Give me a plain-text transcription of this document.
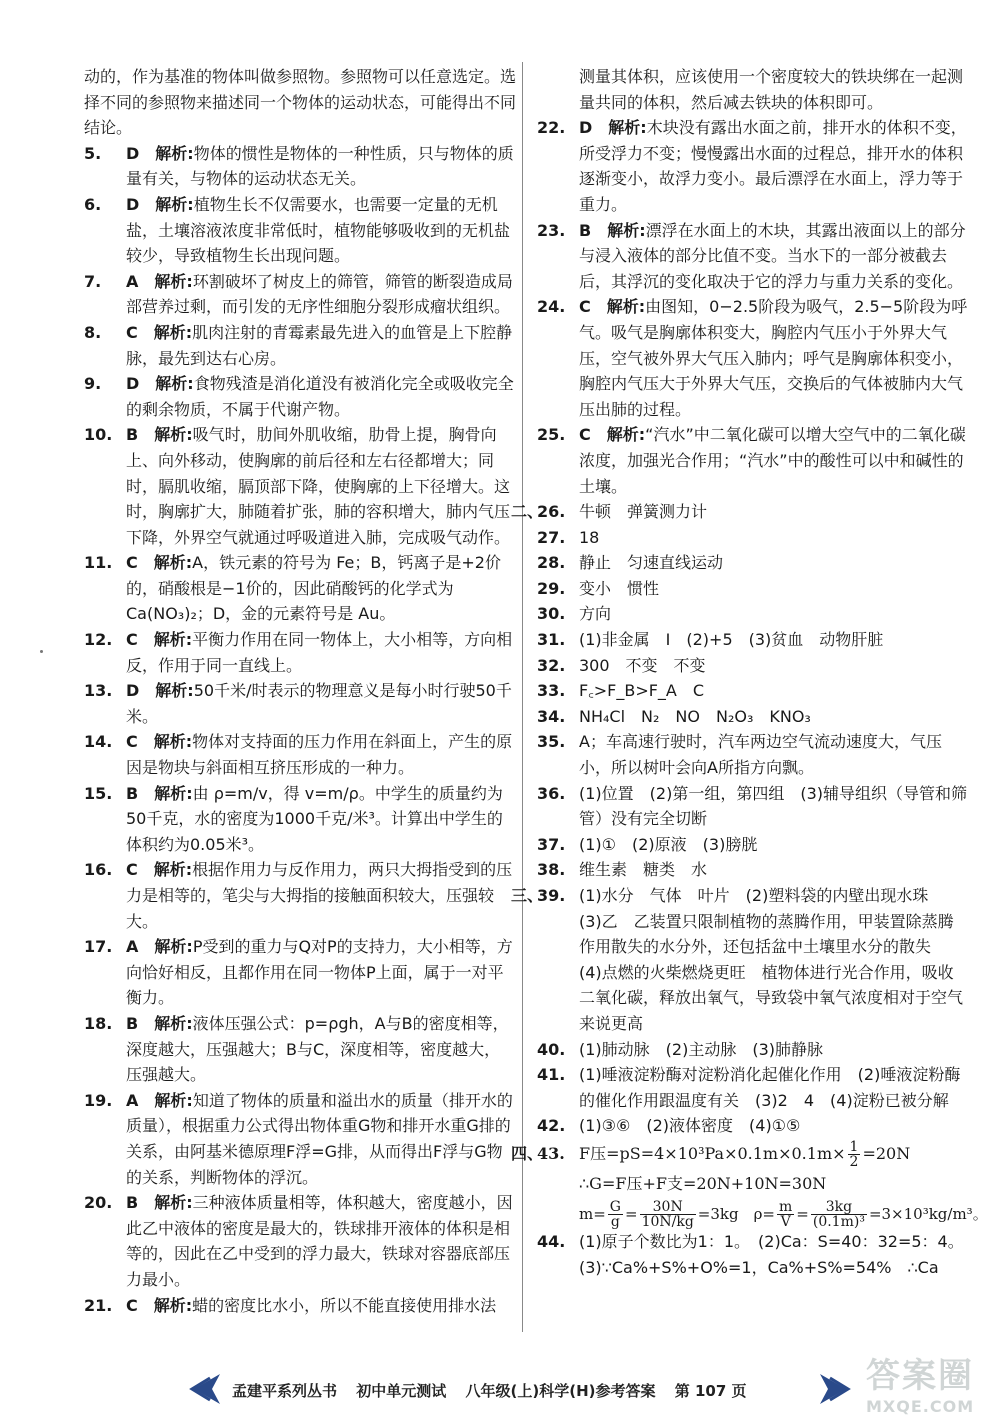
动的，作为基准的物体叫做参照物。参照物可以任意选定。选择不同的参照物来描述同一个物体的运动状态，可能得出不同结论。

5. D　 解析:物体的惯性是物体的一种性质，只与物体的质量有关，与物体的运动状态无关。
6. D　 解析:植物生长不仅需要水，也需要一定量的无机盐，土壤溶液浓度非常低时，植物能够吸收到的无机盐较少，导致植物生长出现问题。
7. A　 解析:环割破坏了树皮上的筛管，筛管的断裂造成局部营养过剩，而引发的无序性细胞分裂形成瘤状组织。
8. C　 解析:肌肉注射的青霉素最先进入的血管是上下腔静脉，最先到达右心房。
9. D　 解析:食物残渣是消化道没有被消化完全或吸收完全的剩余物质，不属于代谢产物。
10. B　 解析:吸气时，肋间外肌收缩，肋骨上提，胸骨向上、向外移动，使胸廓的前后径和左右径都增大；同时，膈肌收缩，膈顶部下降，使胸廓的上下径增大。这时，胸廓扩大，肺随着扩张，肺的容积增大，肺内气压下降，外界空气就通过呼吸道进入肺，完成吸气动作。
11. C　 解析:A，铁元素的符号为 Fe；B，钙离子是+2价的，硝酸根是−1价的，因此硝酸钙的化学式为 Ca(NO₃)₂；D，金的元素符号是 Au。
12. C　 解析:平衡力作用在同一物体上，大小相等，方向相反，作用于同一直线上。
13. D　 解析:50千米/时表示的物理意义是每小时行驶50千米。
14. C　 解析:物体对支持面的压力作用在斜面上，产生的原因是物块与斜面相互挤压形成的一种力。
15. B　 解析:由 ρ=m/v，得 v=m/ρ。中学生的质量约为50千克，水的密度为1000千克/米³。计算出中学生的体积约为0.05米³。
16. C　 解析:根据作用力与反作用力，两只大拇指受到的压力是相等的，笔尖与大拇指的接触面积较大，压强较大。
17. A　 解析:P受到的重力与Q对P的支持力，大小相等，方向恰好相反，且都作用在同一物体P上面，属于一对平衡力。
18. B　 解析:液体压强公式：p=ρgh，A与B的密度相等，深度越大，压强越大；B与C，深度相等，密度越大，压强越大。
19. A　 解析:知道了物体的质量和溢出水的质量（排开水的质量），根据重力公式得出物体重G物和排开水重G排的关系，由阿基米德原理F浮=G排，从而得出F浮与G物的关系，判断物体的浮沉。
20. B　 解析:三种液体质量相等，体积越大，密度越小，因此乙中液体的密度是最大的，铁球排开液体的体积是相等的，因此在乙中受到的浮力最大，铁球对容器底部压力最小。
21. C　 解析:蜡的密度比水小，所以不能直接使用排水法

测量其体积，应该使用一个密度较大的铁块绑在一起测量共同的体积，然后减去铁块的体积即可。

22. D　 解析:木块没有露出水面之前，排开水的体积不变，所受浮力不变；慢慢露出水面的过程总，排开水的体积逐渐变小，故浮力变小。最后漂浮在水面上，浮力等于重力。
23. B　 解析:漂浮在水面上的木块，其露出液面以上的部分与浸入液体的部分比值不变。当水下的一部分被截去后，其浮沉的变化取决于它的浮力与重力关系的变化。
24. C　 解析:由图知，0−2.5阶段为吸气，2.5−5阶段为呼气。吸气是胸廓体积变大，胸腔内气压小于外界大气压，空气被外界大气压入肺内；呼气是胸廓体积变小，胸腔内气压大于外界大气压，交换后的气体被肺内大气压出肺的过程。
25. C　 解析:“汽水”中二氧化碳可以增大空气中的二氧化碳浓度，加强光合作用；“汽水”中的酸性可以中和碱性的土壤。
二、
26. 牛顿　弹簧测力计
27. 18
28. 静止　匀速直线运动
29. 变小　惯性
30. 方向
31. (1)非金属　I　(2)+5　(3)贫血　动物肝脏
32. 300　不变　不变
33. F꜀>F_B>F_A　C
34. NH₄Cl　N₂　NO　N₂O₃　KNO₃
35. A；车高速行驶时，汽车两边空气流动速度大，气压小，所以树叶会向A所指方向飘。
36. (1)位置　(2)第一组，第四组　(3)辅导组织（导管和筛管）没有完全切断
37. (1)①　(2)原液　(3)膀胱
38. 维生素　糖类　水
三、
39. (1)水分　气体　叶片　(2)塑料袋的内壁出现水珠
(3)乙　乙装置只限制植物的蒸腾作用，甲装置除蒸腾作用散失的水分外，还包括盆中土壤里水分的散失
(4)点燃的火柴燃烧更旺　植物体进行光合作用，吸收二氧化碳，释放出氧气，导致袋中氧气浓度相对于空气来说更高
40. (1)肺动脉　(2)主动脉　(3)肺静脉
41. (1)唾液淀粉酶对淀粉消化起催化作用　(2)唾液淀粉酶的催化作用跟温度有关　(3)2　4　(4)淀粉已被分解
42. (1)③⑥　(2)液体密度　(4)①⑤
四、
43. F压$=pS=4\times 10^3Pa\times 0.1m\times 0.1m\times \frac{1}{2} =20N$
∴G=F压+F支=20N+10N=30N
$m= \frac{G}{g} = \frac{30N}{10N/kg} =3kg$　$\rho= \frac{m}{V} = \frac{3kg}{\text{(0.1m)³}} =3\times 10^3kg/m^3$。
44. (1)原子个数比为1：1。　(2)Ca：S=40：32=5：4。
(3)∵Ca%+S%+O%=1，Ca%+S%=54%　∴Ca
孟建平系列丛书 初中单元测试 八年级(上)科学(H)参考答案 第 107 页	答案圈
MXQE.COM
